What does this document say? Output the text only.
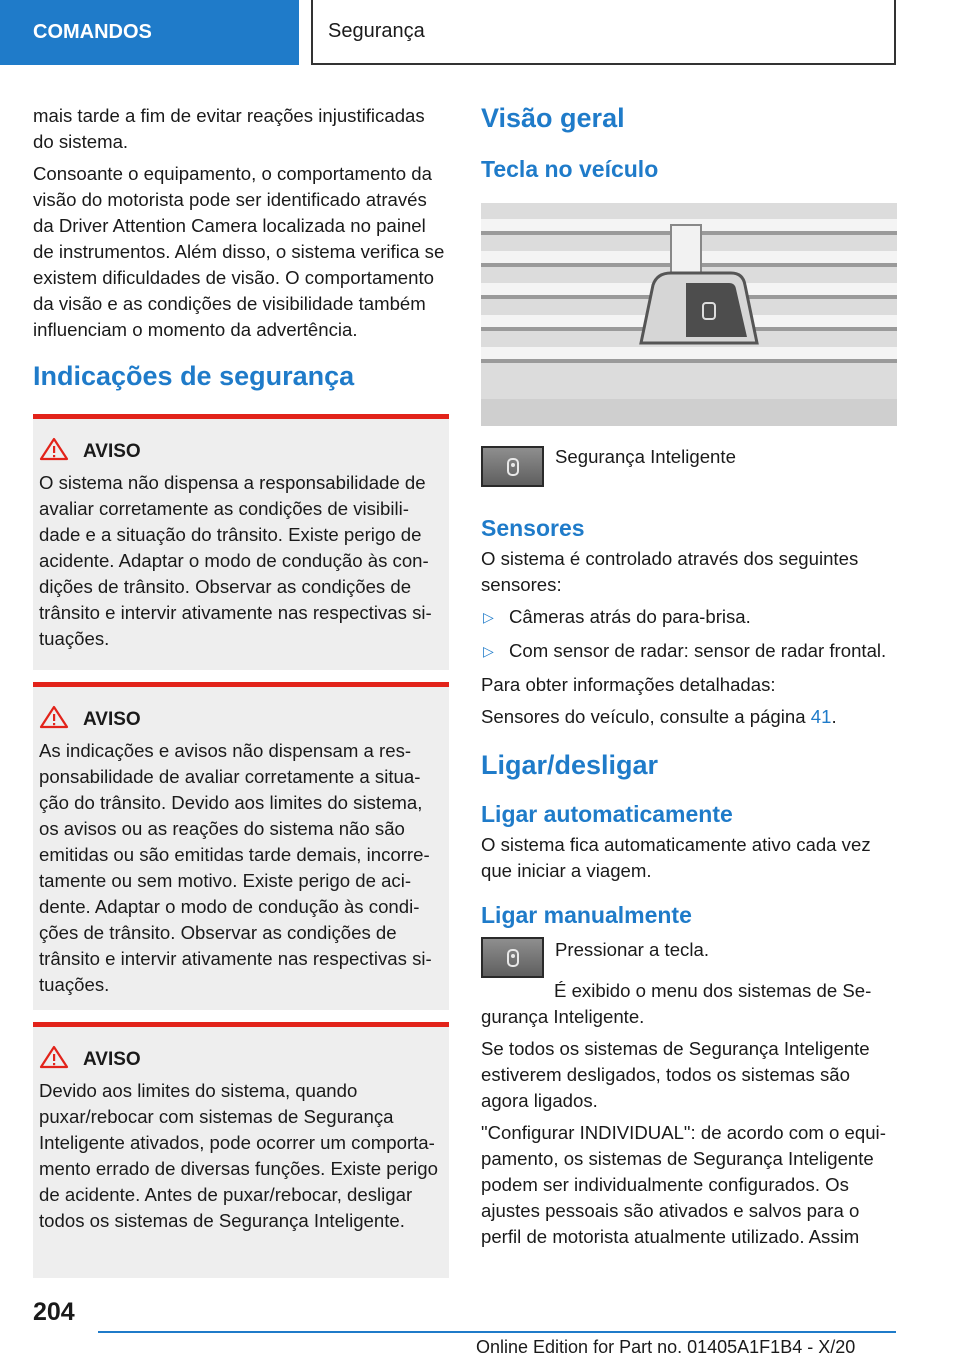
COMANDOS	Segurança

mais tarde a fim de evitar reações injustificadas do sistema.

Consoante o equipamento, o comportamento da visão do motorista pode ser identificado através da Driver Attention Camera localizada no painel de instrumentos. Além disso, o sistema verifica se existem dificuldades de visão. O comportamento da visão e as condições de visibilidade também influenciam o momento da advertência.

Indicações de segurança
AVISO

O sistema não dispensa a responsabilidade de avaliar corretamente as condições de visibilidade e a situação do trânsito. Existe perigo de acidente. Adaptar o modo de condução às condições de trânsito. Observar as condições de trânsito e intervir ativamente nas respectivas situações.

AVISO

As indicações e avisos não dispensam a responsabilidade de avaliar corretamente a situação do trânsito. Devido aos limites do sistema, os avisos ou as reações do sistema não são emitidas ou são emitidas tarde demais, incorretamente ou sem motivo. Existe perigo de acidente. Adaptar o modo de condução às condições de trânsito. Observar as condições de trânsito e intervir ativamente nas respectivas situações.

AVISO

Devido aos limites do sistema, quando puxar/rebocar com sistemas de Segurança Inteligente ativados, pode ocorrer um comportamento errado de diversas funções. Existe perigo de acidente. Antes de puxar/rebocar, desligar todos os sistemas de Segurança Inteligente.

Visão geral
Tecla no veículo

Segurança Inteligente

Sensores

O sistema é controlado através dos seguintes sensores:

▷ Câmeras atrás do para-brisa.
▷ Com sensor de radar: sensor de radar frontal.

Para obter informações detalhadas:

Sensores do veículo, consulte a página 41.

Ligar/desligar
Ligar automaticamente

O sistema fica automaticamente ativo cada vez que iniciar a viagem.

Ligar manualmente

Pressionar a tecla.

É exibido o menu dos sistemas de Segurança Inteligente.

Se todos os sistemas de Segurança Inteligente estiverem desligados, todos os sistemas são agora ligados.

"Configurar INDIVIDUAL": de acordo com o equipamento, os sistemas de Segurança Inteligente podem ser individualmente configurados. Os ajustes pessoais são ativados e salvos para o perfil de motorista atualmente utilizado. Assim

204
Online Edition for Part no. 01405A1F1B4 - X/20
